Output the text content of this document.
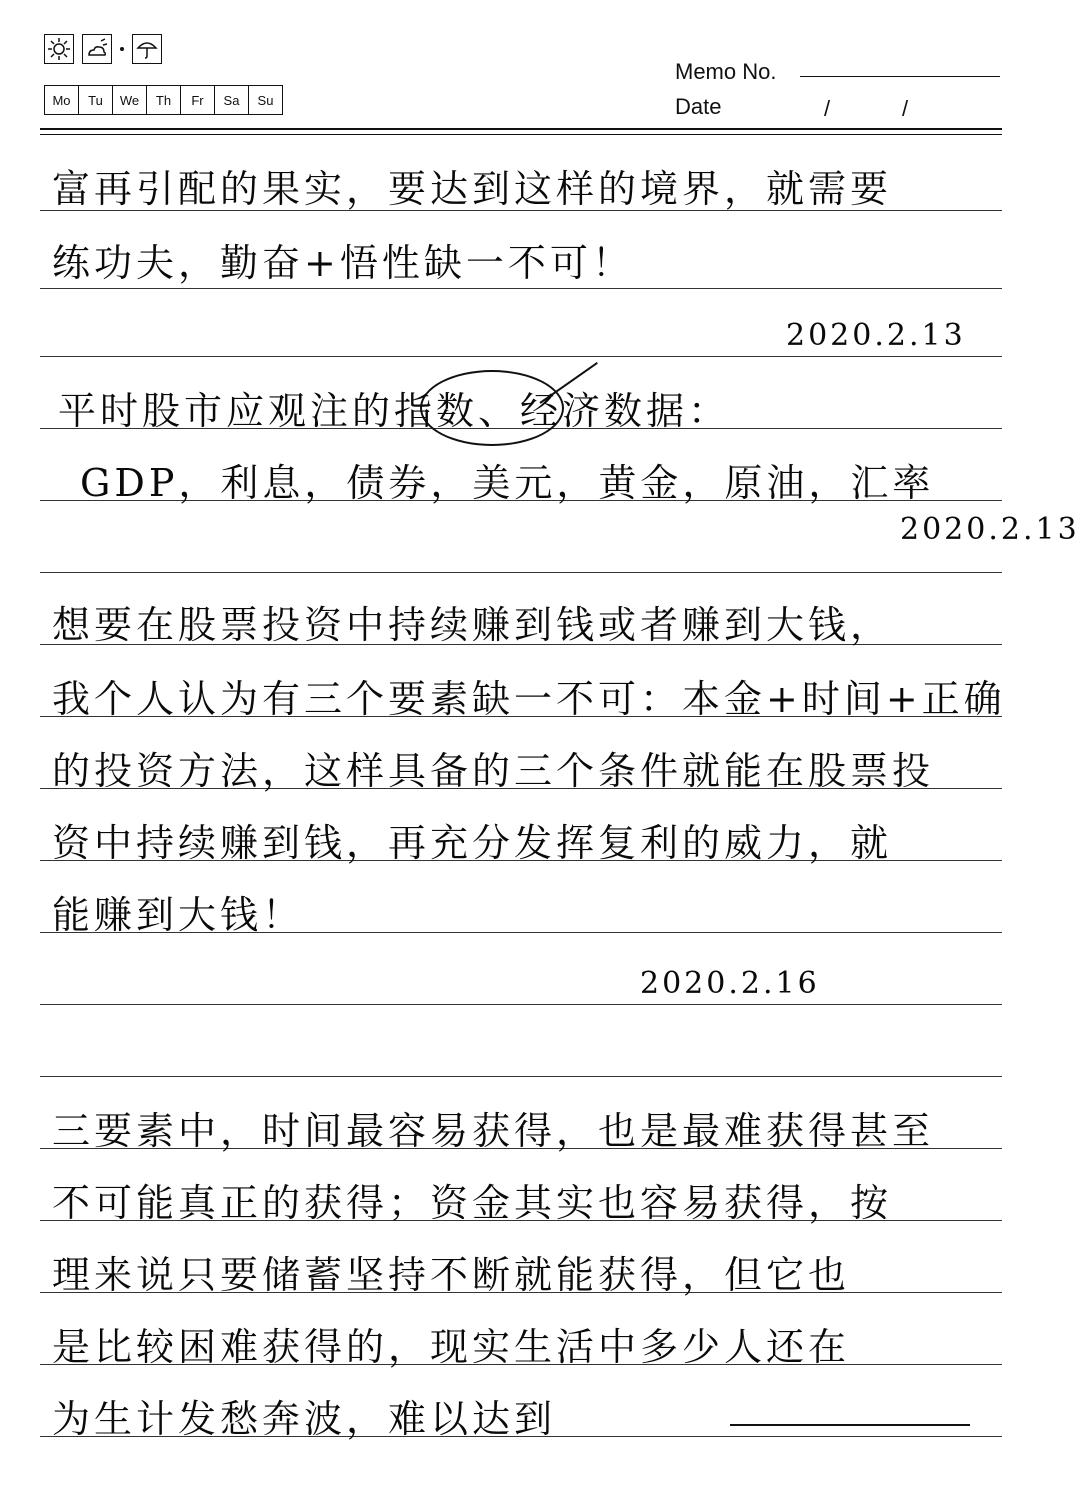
Mo	Tu	We	Th	Fr	Sa	Su
Memo No.
Date	/	/
富再引配的果实，要达到这样的境界，就需要
练功夫，勤奋+悟性缺一不可！
2020.2.13
平时股市应观注的指数、经济数据：
GDP，利息，债券，美元，黄金，原油，汇率
2020.2.13
想要在股票投资中持续赚到钱或者赚到大钱，
我个人认为有三个要素缺一不可：本金+时间+正确
的投资方法，这样具备的三个条件就能在股票投
资中持续赚到钱，再充分发挥复利的威力，就
能赚到大钱！
2020.2.16
三要素中，时间最容易获得，也是最难获得甚至
不可能真正的获得；资金其实也容易获得，按
理来说只要储蓄坚持不断就能获得，但它也
是比较困难获得的，现实生活中多少人还在
为生计发愁奔波，难以达到
